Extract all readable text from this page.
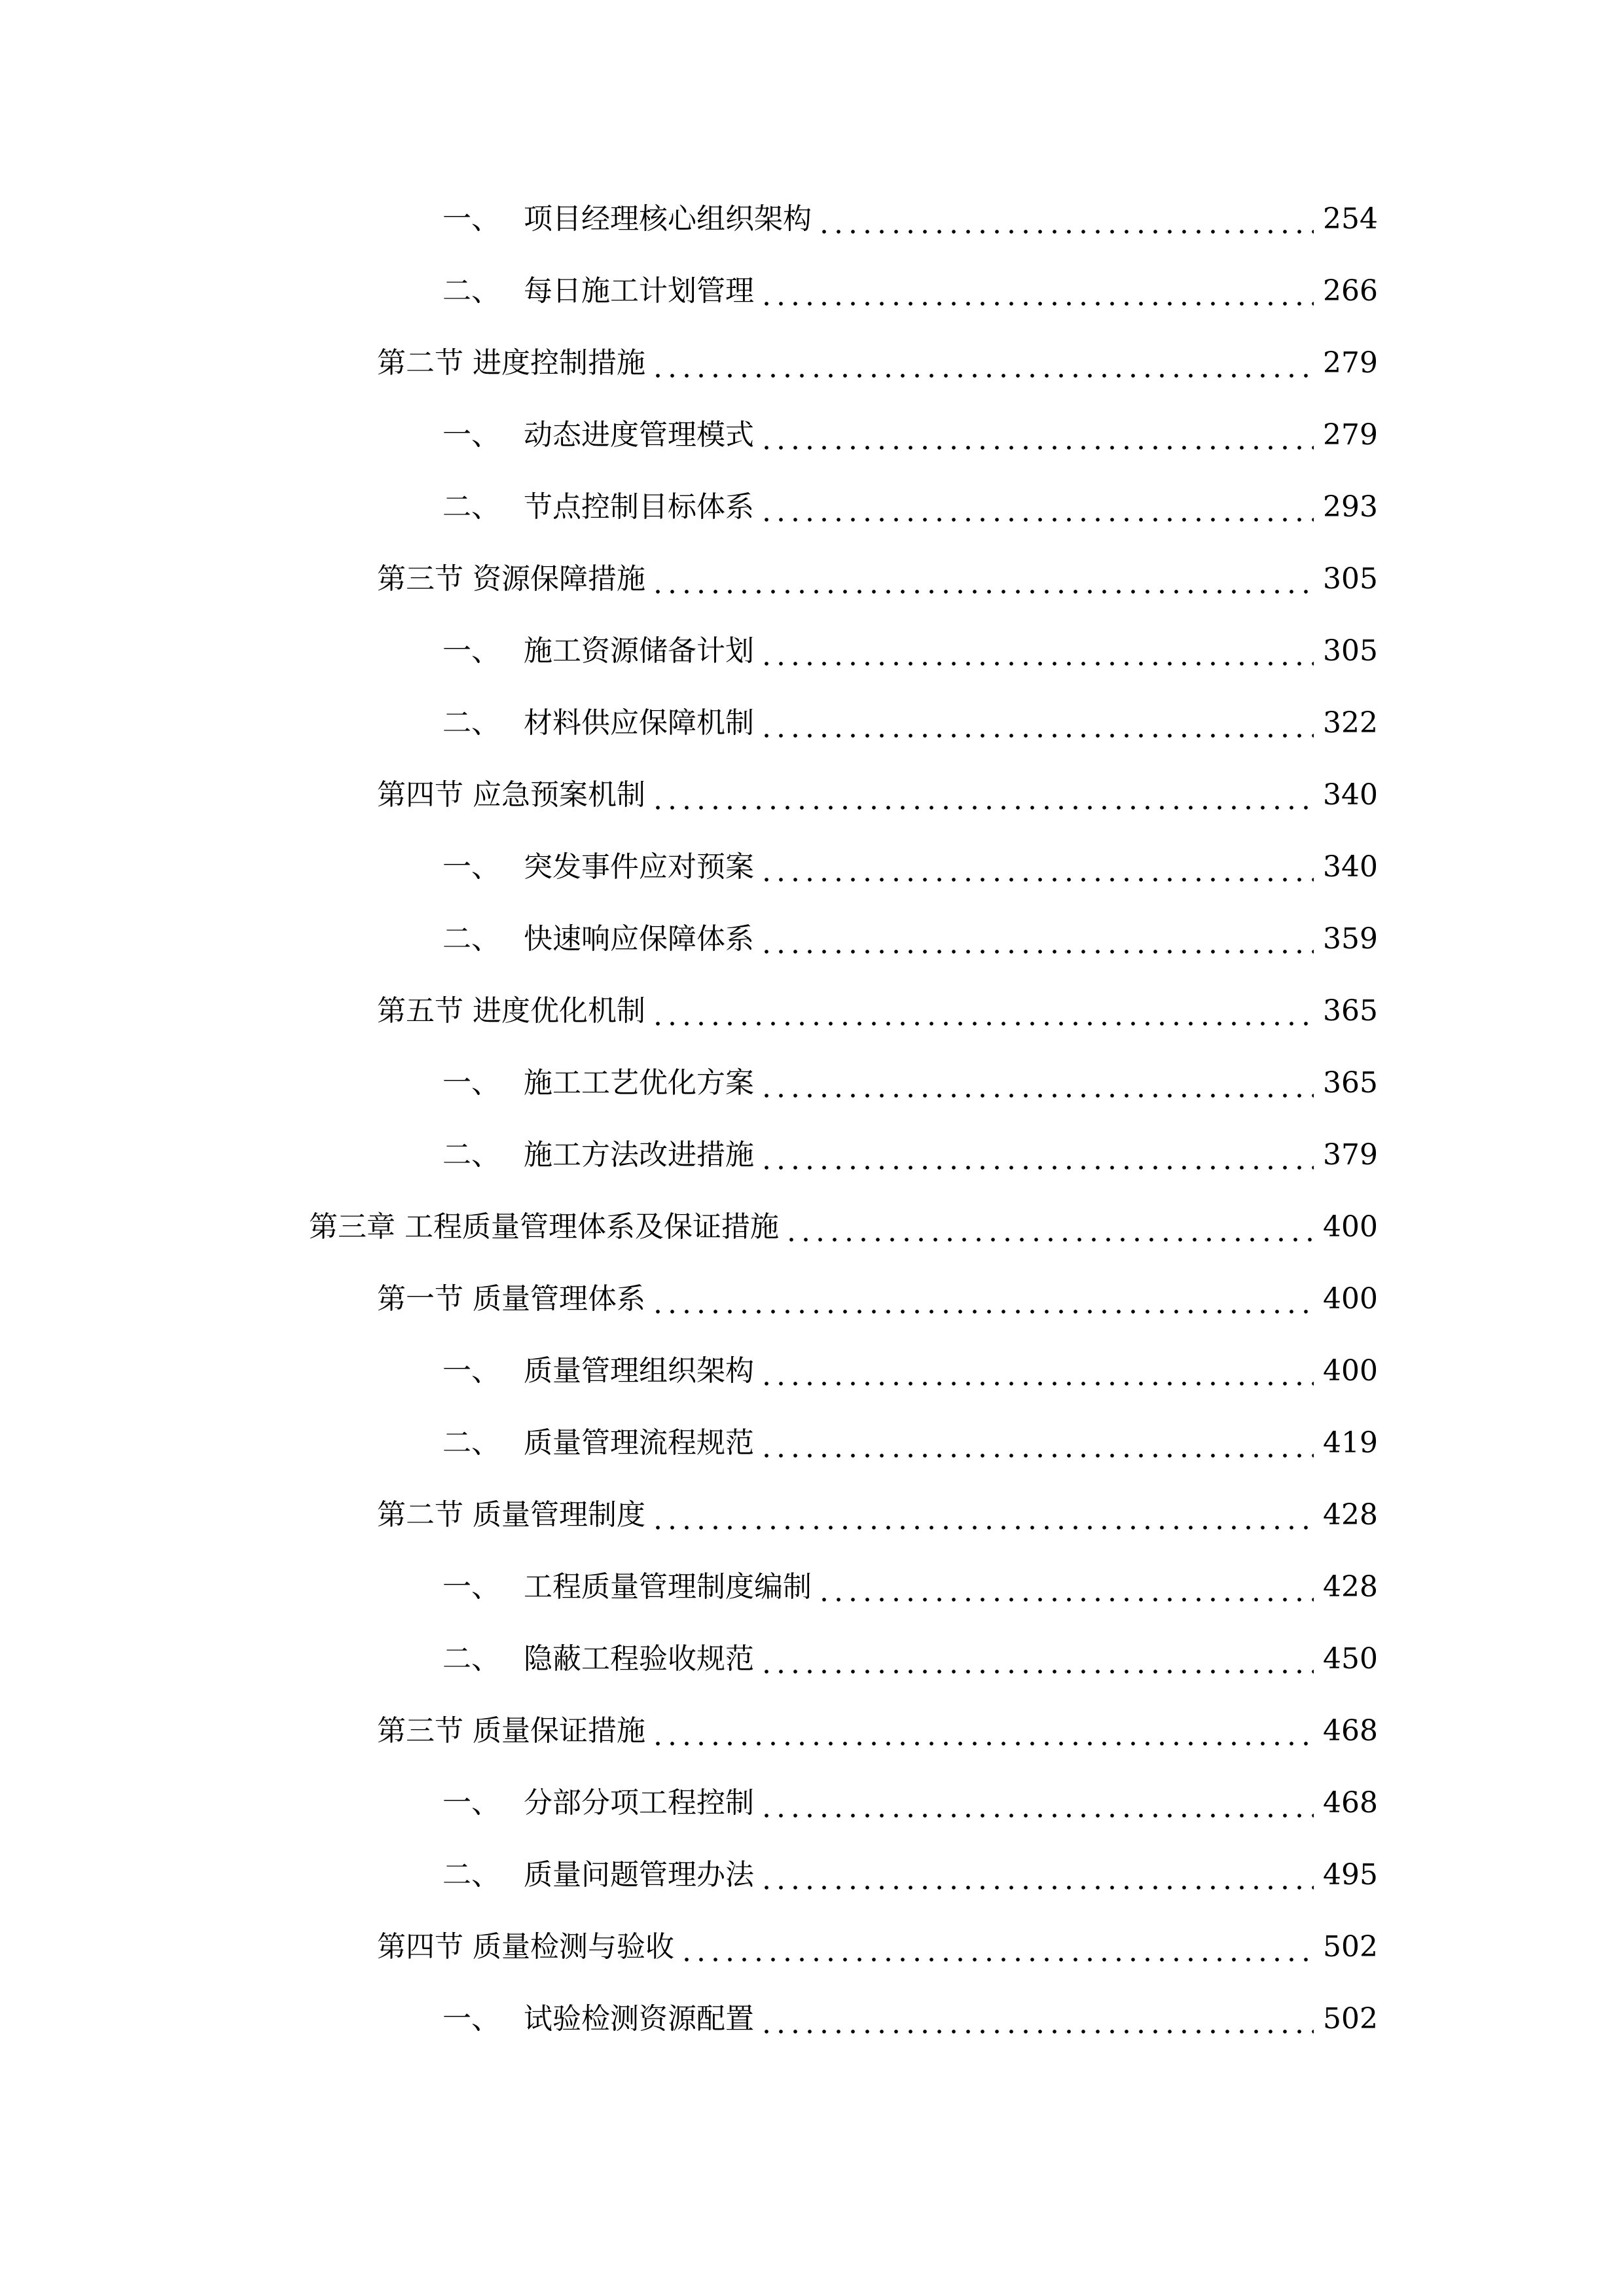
一、 项目经理核心组织架构	254
二、 每日施工计划管理	266
第二节 进度控制措施	279
一、 动态进度管理模式	279
二、 节点控制目标体系	293
第三节 资源保障措施	305
一、 施工资源储备计划	305
二、 材料供应保障机制	322
第四节 应急预案机制	340
一、 突发事件应对预案	340
二、 快速响应保障体系	359
第五节 进度优化机制	365
一、 施工工艺优化方案	365
二、 施工方法改进措施	379
第三章 工程质量管理体系及保证措施	400
第一节 质量管理体系	400
一、 质量管理组织架构	400
二、 质量管理流程规范	419
第二节 质量管理制度	428
一、 工程质量管理制度编制	428
二、 隐蔽工程验收规范	450
第三节 质量保证措施	468
一、 分部分项工程控制	468
二、 质量问题管理办法	495
第四节 质量检测与验收	502
一、 试验检测资源配置	502
